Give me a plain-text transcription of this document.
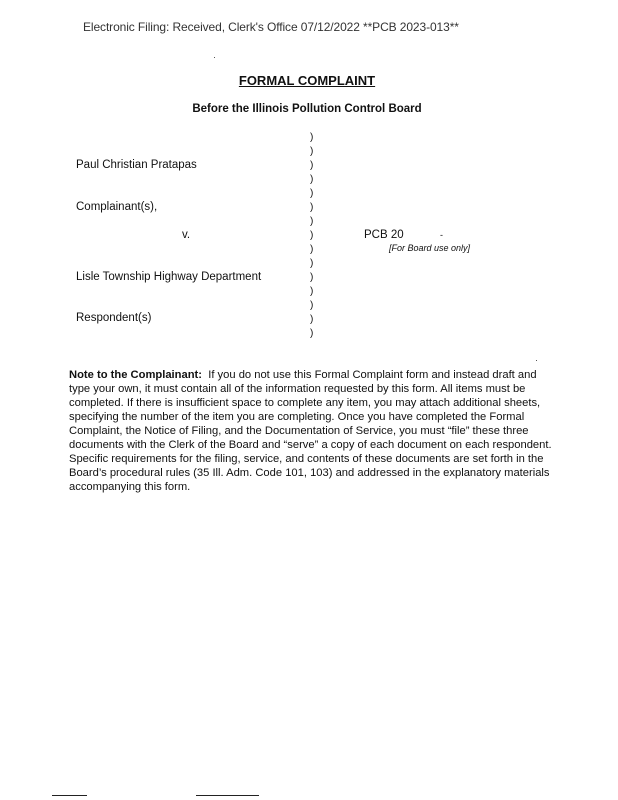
Electronic Filing: Received, Clerk's Office 07/12/2022 **PCB 2023-013**
FORMAL COMPLAINT
Before the Illinois Pollution Control Board
Paul Christian Pratapas
Complainant(s),
v.
Lisle Township Highway Department
Respondent(s)
)
)
)
)
)
)
)
)
)
)
)
)
)
)
)
PCB 20	-
[For Board use only]
Note to the Complainant: If you do not use this Formal Complaint form and instead draft and type your own, it must contain all of the information requested by this form. All items must be completed. If there is insufficient space to complete any item, you may attach additional sheets, specifying the number of the item you are completing. Once you have completed the Formal Complaint, the Notice of Filing, and the Documentation of Service, you must “file” these three documents with the Clerk of the Board and “serve” a copy of each document on each respondent. Specific requirements for the filing, service, and contents of these documents are set forth in the Board’s procedural rules (35 Ill. Adm. Code 101, 103) and addressed in the explanatory materials accompanying this form.
